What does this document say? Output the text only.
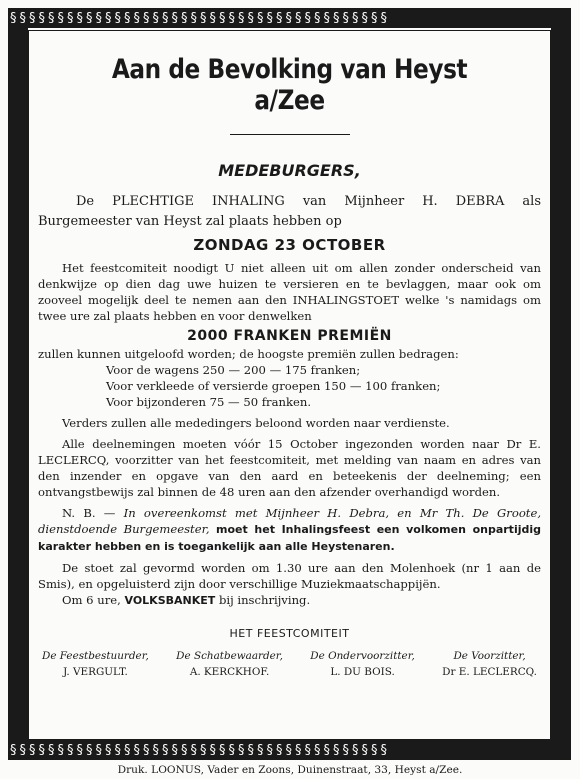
§§§§§§§§§§§§§§§§§§§§§§§§§§§§§§§§§§§§§§§§
§§§§§§§§§§§§§§§§§§§§§§§§§§§§§§§§§§§§§§§§
Aan de Bevolking van Heyst a/Zee
MEDEBURGERS,

De PLECHTIGE INHALING van Mijnheer H. DEBRA als Burgemeester van Heyst zal plaats hebben op

ZONDAG 23 OCTOBER

Het feestcomiteit noodigt U niet alleen uit om allen zonder onderscheid van denkwijze op dien dag uwe huizen te versieren en te bevlaggen, maar ook om zooveel mogelijk deel te nemen aan den INHALINGSTOET welke 's namidags om twee ure zal plaats hebben en voor denwelken

2000 FRANKEN PREMIËN

zullen kunnen uitgeloofd worden; de hoogste premiën zullen bedragen:

Voor de wagens 250 — 200 — 175 franken;
Voor verkleede of versierde groepen 150 — 100 franken;
Voor bijzonderen 75 — 50 franken.

Verders zullen alle mededingers beloond worden naar verdienste.

Alle deelnemingen moeten vóór 15 October ingezonden worden naar Dr E. LECLERCQ, voorzitter van het feestcomiteit, met melding van naam en adres van den inzender en opgave van den aard en beteekenis der deelneming; een ontvangstbewijs zal binnen de 48 uren aan den afzender overhandigd worden.

N. B. — In overeenkomst met Mijnheer H. Debra, en Mr Th. De Groote, dienstdoende Burgemeester, moet het Inhalingsfeest een volkomen onpartijdig karakter hebben en is toegankelijk aan alle Heystenaren.

De stoet zal gevormd worden om 1.30 ure aan den Molenhoek (nr 1 aan de Smis), en opgeluisterd zijn door verschillige Muziekmaatschappijën.

Om 6 ure, VOLKSBANKET bij inschrijving.

HET FEESTCOMITEIT
De Feestbestuurder,
J. VERGULT.
De Schatbewaarder,
A. KERCKHOF.
De Ondervoorzitter,
L. DU BOIS.
De Voorzitter,
Dr E. LECLERCQ.
Druk. LOONUS, Vader en Zoons, Duinenstraat, 33, Heyst a/Zee.
